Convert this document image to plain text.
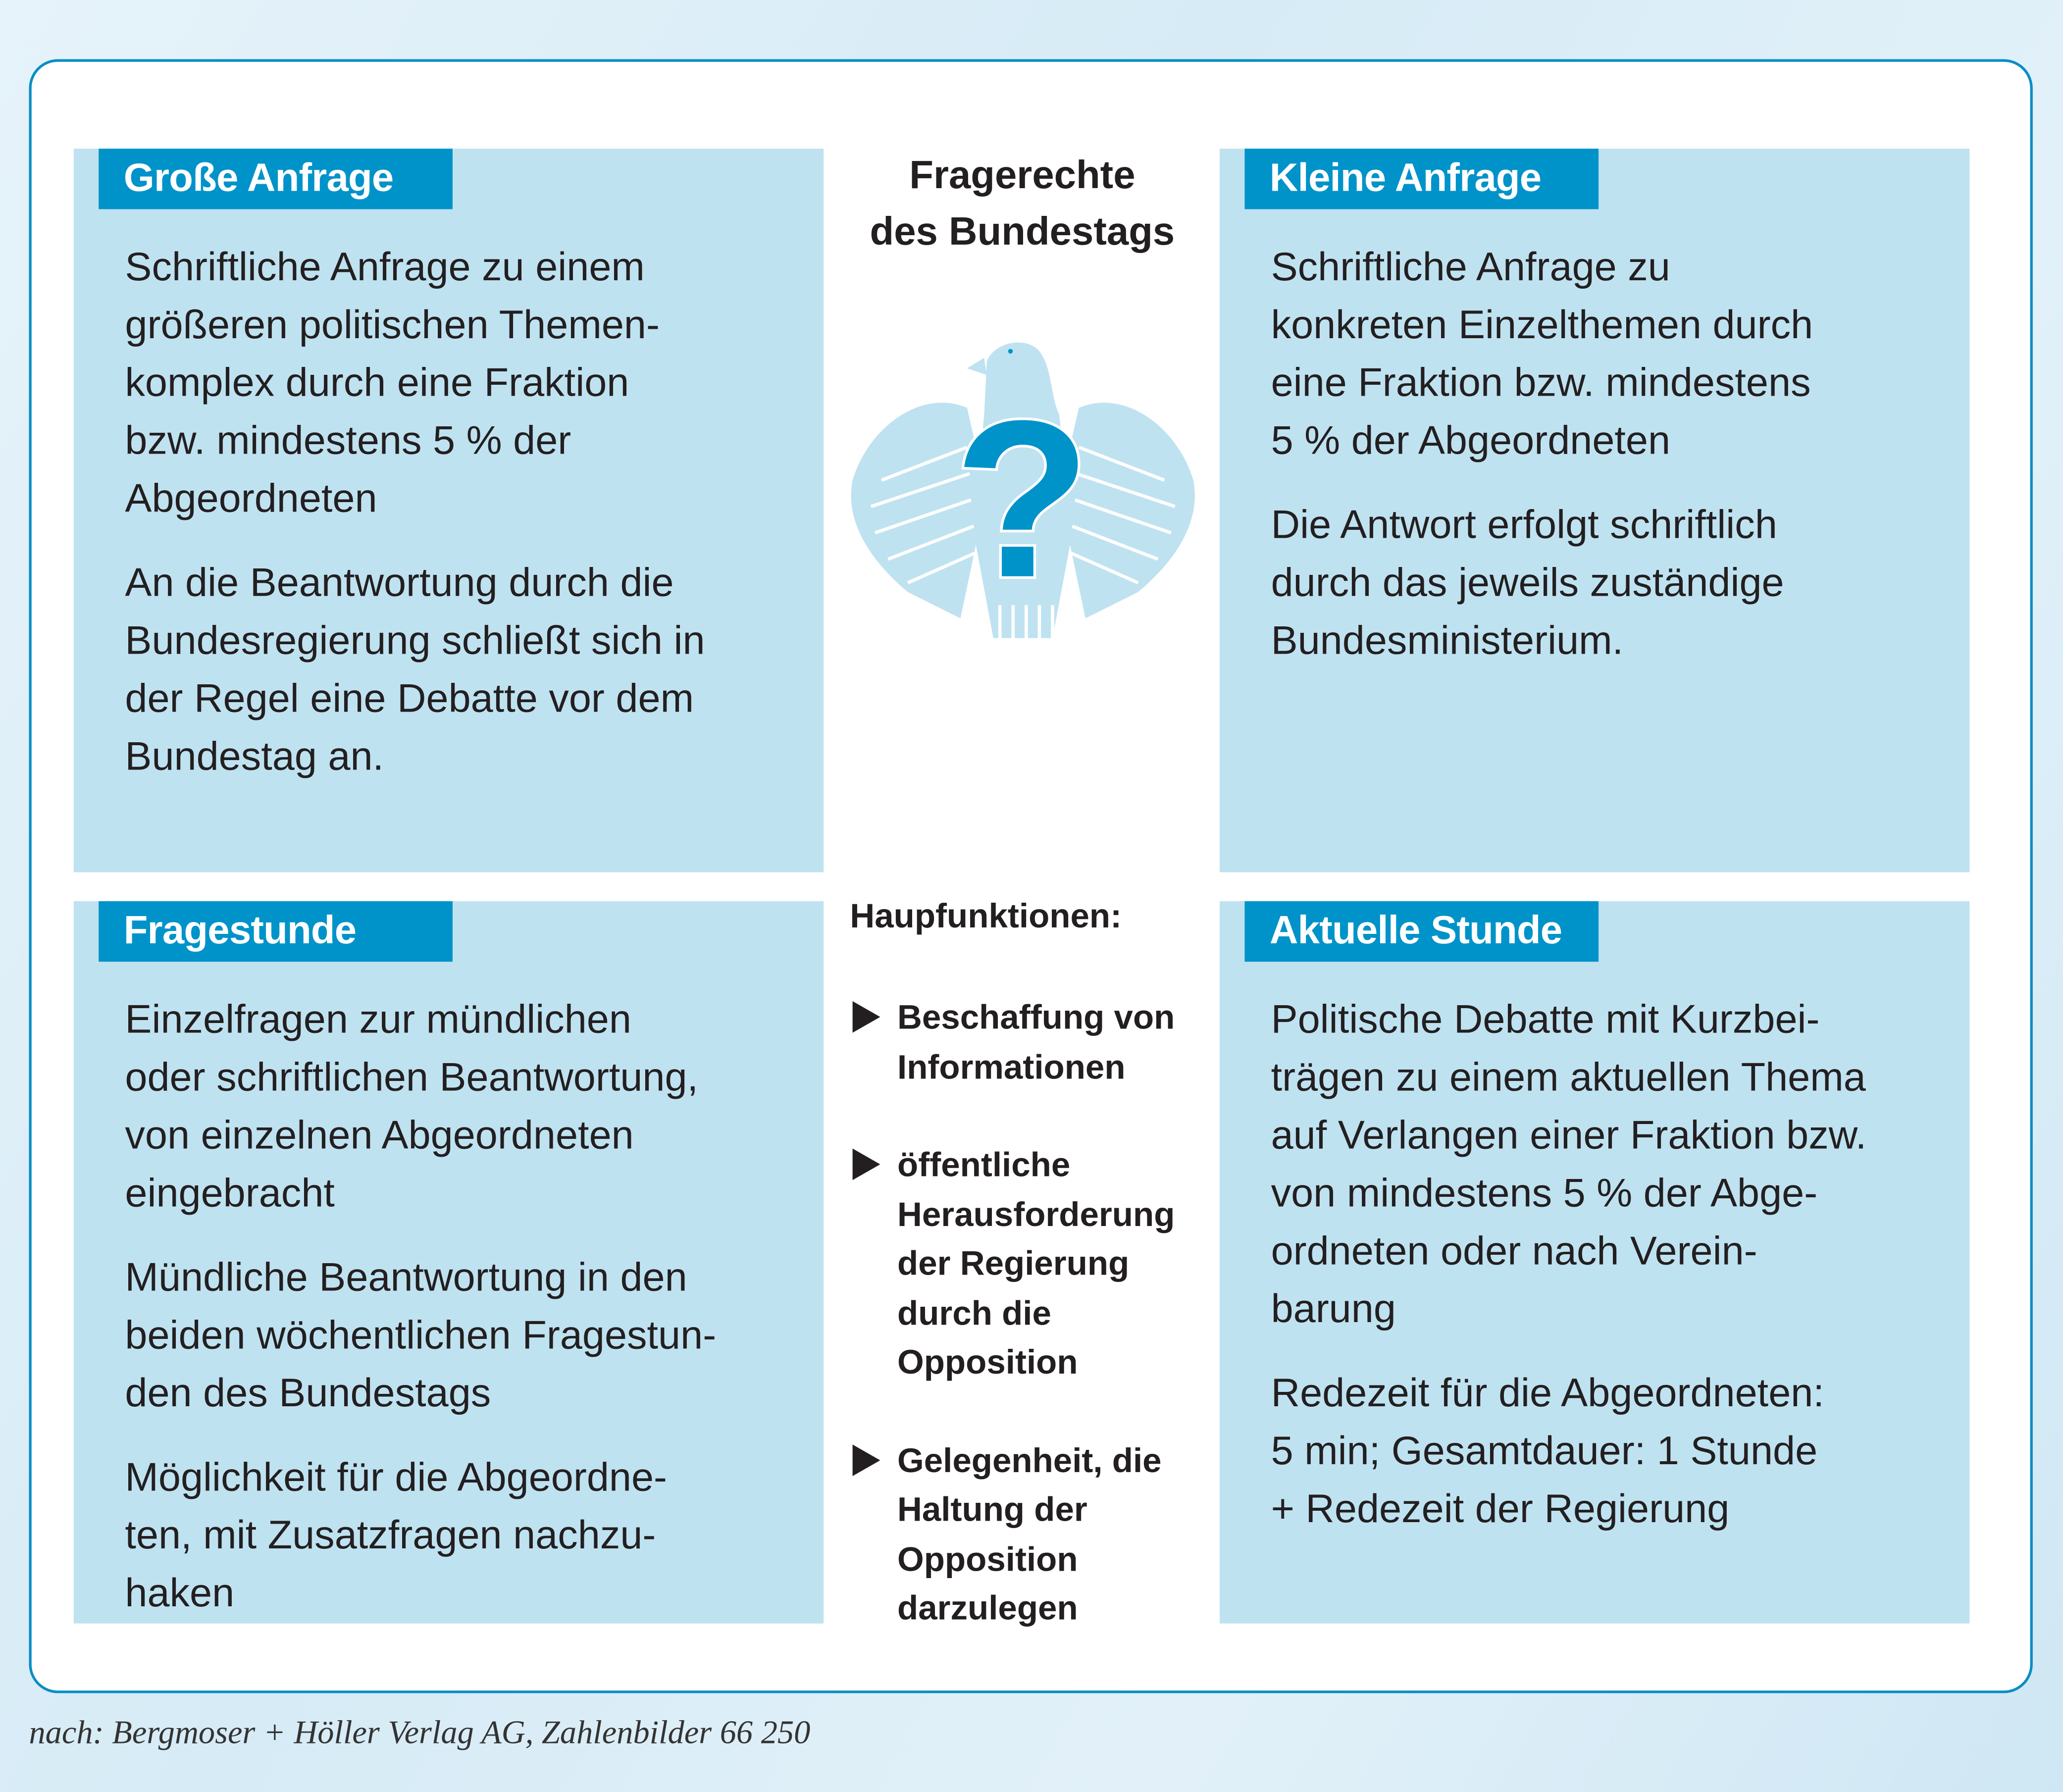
Große Anfrage
Schriftliche Anfrage zu einem
größeren politischen Themen-
komplex durch eine Fraktion
bzw. mindestens 5 % der
Abgeordneten
An die Beantwortung durch die
Bundesregierung schließt sich in
der Regel eine Debatte vor dem
Bundestag an.
Kleine Anfrage
Schriftliche Anfrage zu
konkreten Einzelthemen durch
eine Fraktion bzw. mindestens
5 % der Abgeordneten
Die Antwort erfolgt schriftlich
durch das jeweils zuständige
Bundesministerium.
Fragestunde
Einzelfragen zur mündlichen
oder schriftlichen Beantwortung,
von einzelnen Abgeordneten
eingebracht
Mündliche Beantwortung in den
beiden wöchentlichen Fragestun-
den des Bundestags
Möglichkeit für die Abgeordne-
ten, mit Zusatzfragen nachzu-
haken
Aktuelle Stunde
Politische Debatte mit Kurzbei-
trägen zu einem aktuellen Thema
auf Verlangen einer Fraktion bzw.
von mindestens 5 % der Abge-
ordneten oder nach Verein-
barung
Redezeit für die Abgeordneten:
5 min; Gesamtdauer: 1 Stunde
+ Redezeit der Regierung
Fragerechte
des Bundestags
?
Haupfunktionen:
Beschaffung von
Informationen
öffentliche
Herausforderung
der Regierung
durch die
Opposition
Gelegenheit, die
Haltung der
Opposition
darzulegen
nach: Bergmoser + Höller Verlag AG, Zahlenbilder 66 250
